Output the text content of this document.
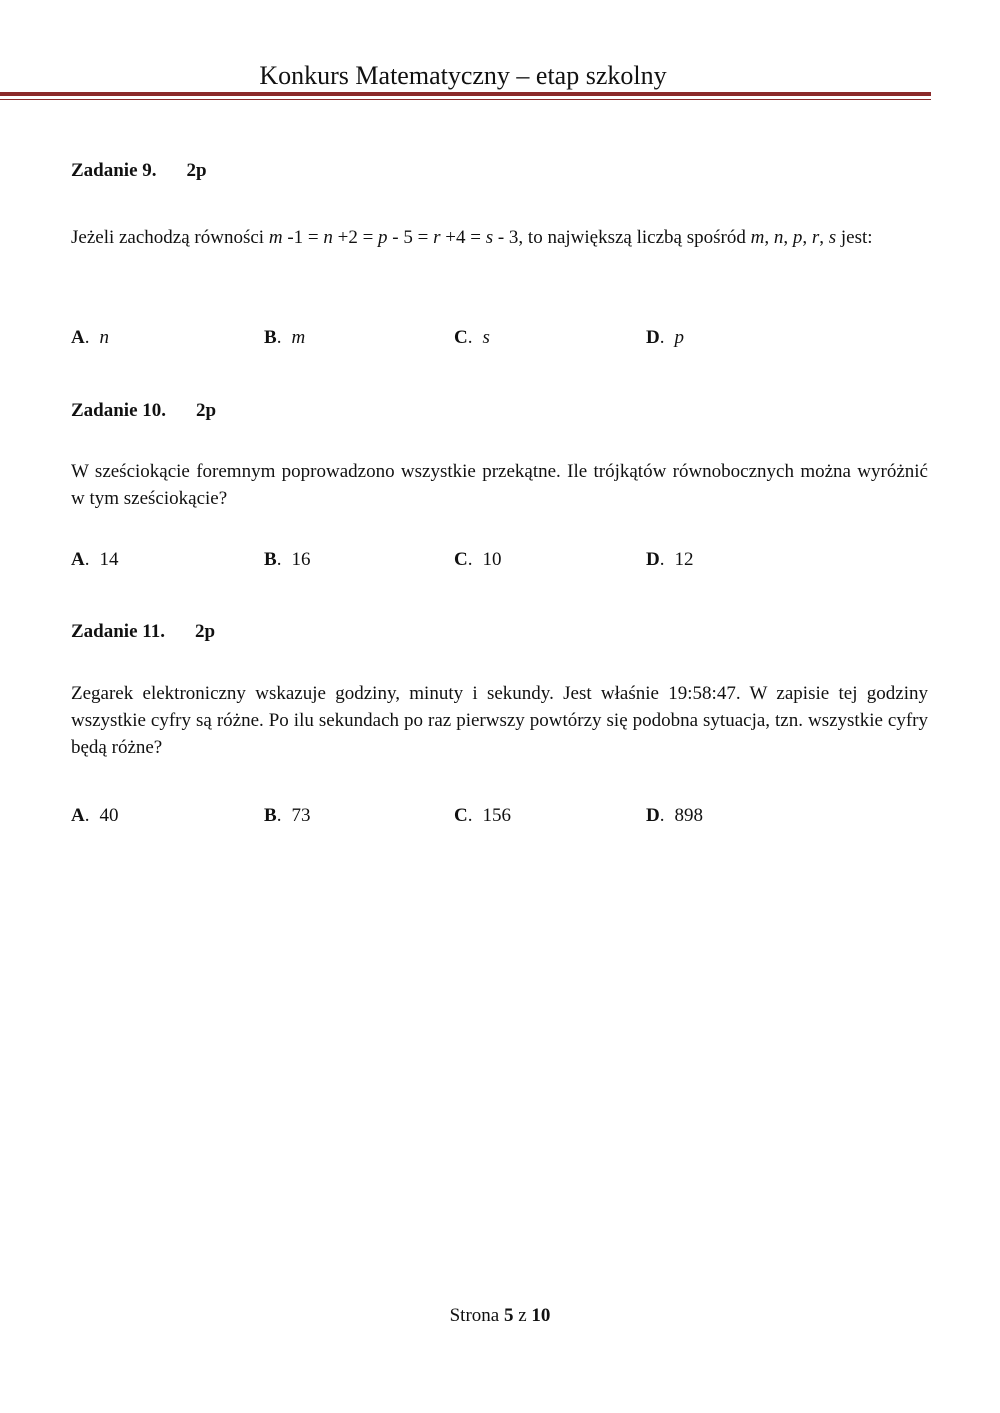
Konkurs Matematyczny – etap szkolny
Zadanie 9. 2p
Jeżeli zachodzą równości m -1 = n +2 = p - 5 = r +4 = s - 3, to największą liczbą spośród m, n, p, r, s jest:
A. n	B. m	C. s	D. p
Zadanie 10. 2p
W sześciokącie foremnym poprowadzono wszystkie przekątne. Ile trójkątów równobocznych można wyróżnić w tym sześciokącie?
A. 14	B. 16	C. 10	D. 12
Zadanie 11. 2p
Zegarek elektroniczny wskazuje godziny, minuty i sekundy. Jest właśnie 19:58:47. W zapisie tej godziny wszystkie cyfry są różne. Po ilu sekundach po raz pierwszy powtórzy się podobna sytuacja, tzn. wszystkie cyfry będą różne?
A. 40	B. 73	C. 156	D. 898
Strona 5 z 10
